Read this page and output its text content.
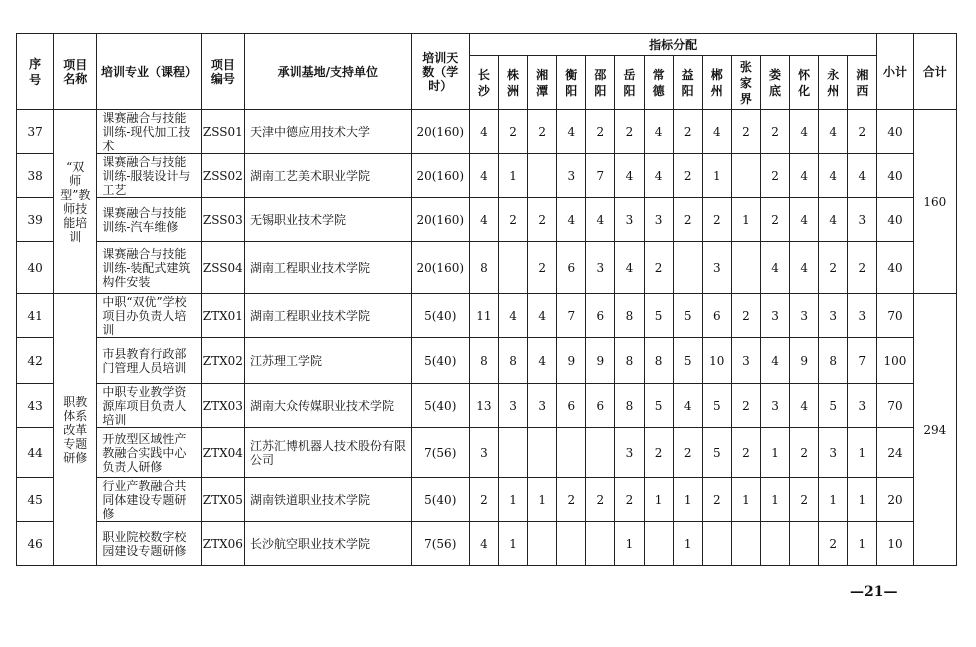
序号	项目名称	培训专业（课程）	项目编号	承训基地/支持单位	培训天数（学时）	指标分配														小计	合计
						长沙	株洲	湘潭	衡阳	邵阳	岳阳	常德	益阳	郴州	张家界	娄底	怀化	永州	湘西		
37	“双师型”教师技能培训	课赛融合与技能训练-现代加工技术	ZSS01	天津中德应用技术大学	20(160)	4	2	2	4	2	2	4	2	4	2	2	4	4	2	40	160
38		课赛融合与技能训练-服装设计与工艺	ZSS02	湖南工艺美术职业学院	20(160)	4	1		3	7	4	4	2	1		2	4	4	4	40	
39		课赛融合与技能训练-汽车维修	ZSS03	无锡职业技术学院	20(160)	4	2	2	4	4	3	3	2	2	1	2	4	4	3	40	
40		课赛融合与技能训练-装配式建筑构件安装	ZSS04	湖南工程职业技术学院	20(160)	8		2	6	3	4	2		3		4	4	2	2	40	
41	职教体系改革专题研修	中职“双优”学校项目办负责人培训	ZTX01	湖南工程职业技术学院	5(40)	11	4	4	7	6	8	5	5	6	2	3	3	3	3	70	294
42		市县教育行政部门管理人员培训	ZTX02	江苏理工学院	5(40)	8	8	4	9	9	8	8	5	10	3	4	9	8	7	100	
43		中职专业教学资源库项目负责人培训	ZTX03	湖南大众传媒职业技术学院	5(40)	13	3	3	6	6	8	5	4	5	2	3	4	5	3	70	
44		开放型区域性产教融合实践中心负责人研修	ZTX04	江苏汇博机器人技术股份有限公司	7(56)	3					3	2	2	5	2	1	2	3	1	24	
45		行业产教融合共同体建设专题研修	ZTX05	湖南铁道职业技术学院	5(40)	2	1	1	2	2	2	1	1	2	1	1	2	1	1	20	
46		职业院校数字校园建设专题研修	ZTX06	长沙航空职业技术学院	7(56)	4	1				1		1					2	1	10	
—21—
